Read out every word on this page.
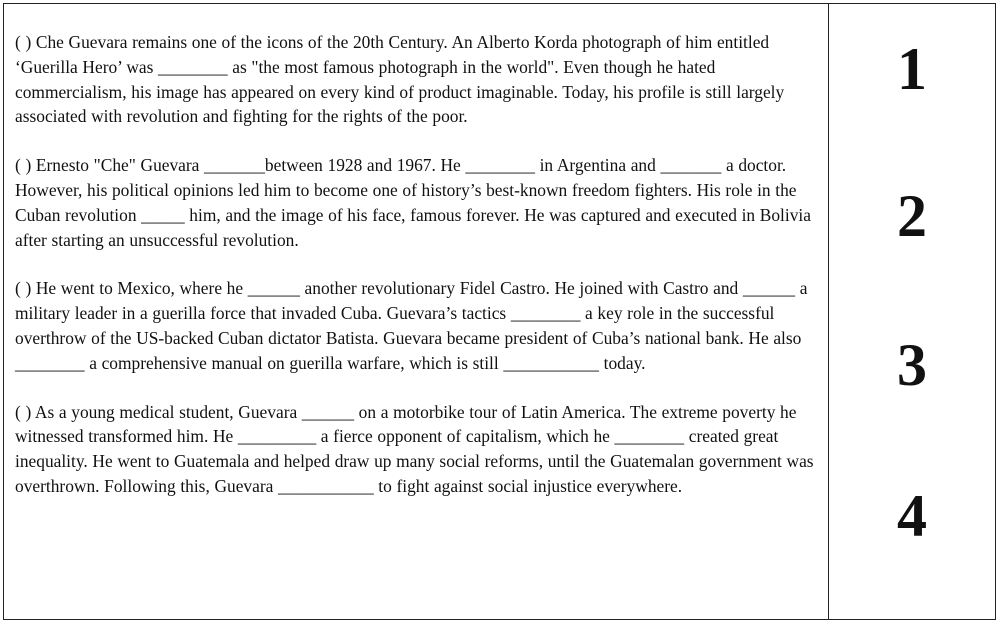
( ) Che Guevara remains one of the icons of the 20th Century. An Alberto Korda photograph of him entitled ‘Guerilla Hero’ was ________ as "the most famous photograph in the world". Even though he hated commercialism, his image has appeared on every kind of product imaginable. Today, his profile is still largely associated with revolution and fighting for the rights of the poor.

( ) Ernesto "Che" Guevara _______between 1928 and 1967. He ________ in Argentina and _______ a doctor. However, his political opinions led him to become one of history’s best-known freedom fighters. His role in the Cuban revolution _____ him, and the image of his face, famous forever. He was captured and executed in Bolivia after starting an unsuccessful revolution.

( ) He went to Mexico, where he ______ another revolutionary Fidel Castro. He joined with Castro and ______ a military leader in a guerilla force that invaded Cuba. Guevara’s tactics ________ a key role in the successful overthrow of the US-backed Cuban dictator Batista. Guevara became president of Cuba’s national bank. He also ________ a comprehensive manual on guerilla warfare, which is still ___________ today.

( ) As a young medical student, Guevara ______ on a motorbike tour of Latin America. The extreme poverty he witnessed transformed him. He _________ a fierce opponent of capitalism, which he ________ created great inequality. He went to Guatemala and helped draw up many social reforms, until the Guatemalan government was overthrown. Following this, Guevara ___________ to fight against social injustice everywhere.

1
2
3
4
